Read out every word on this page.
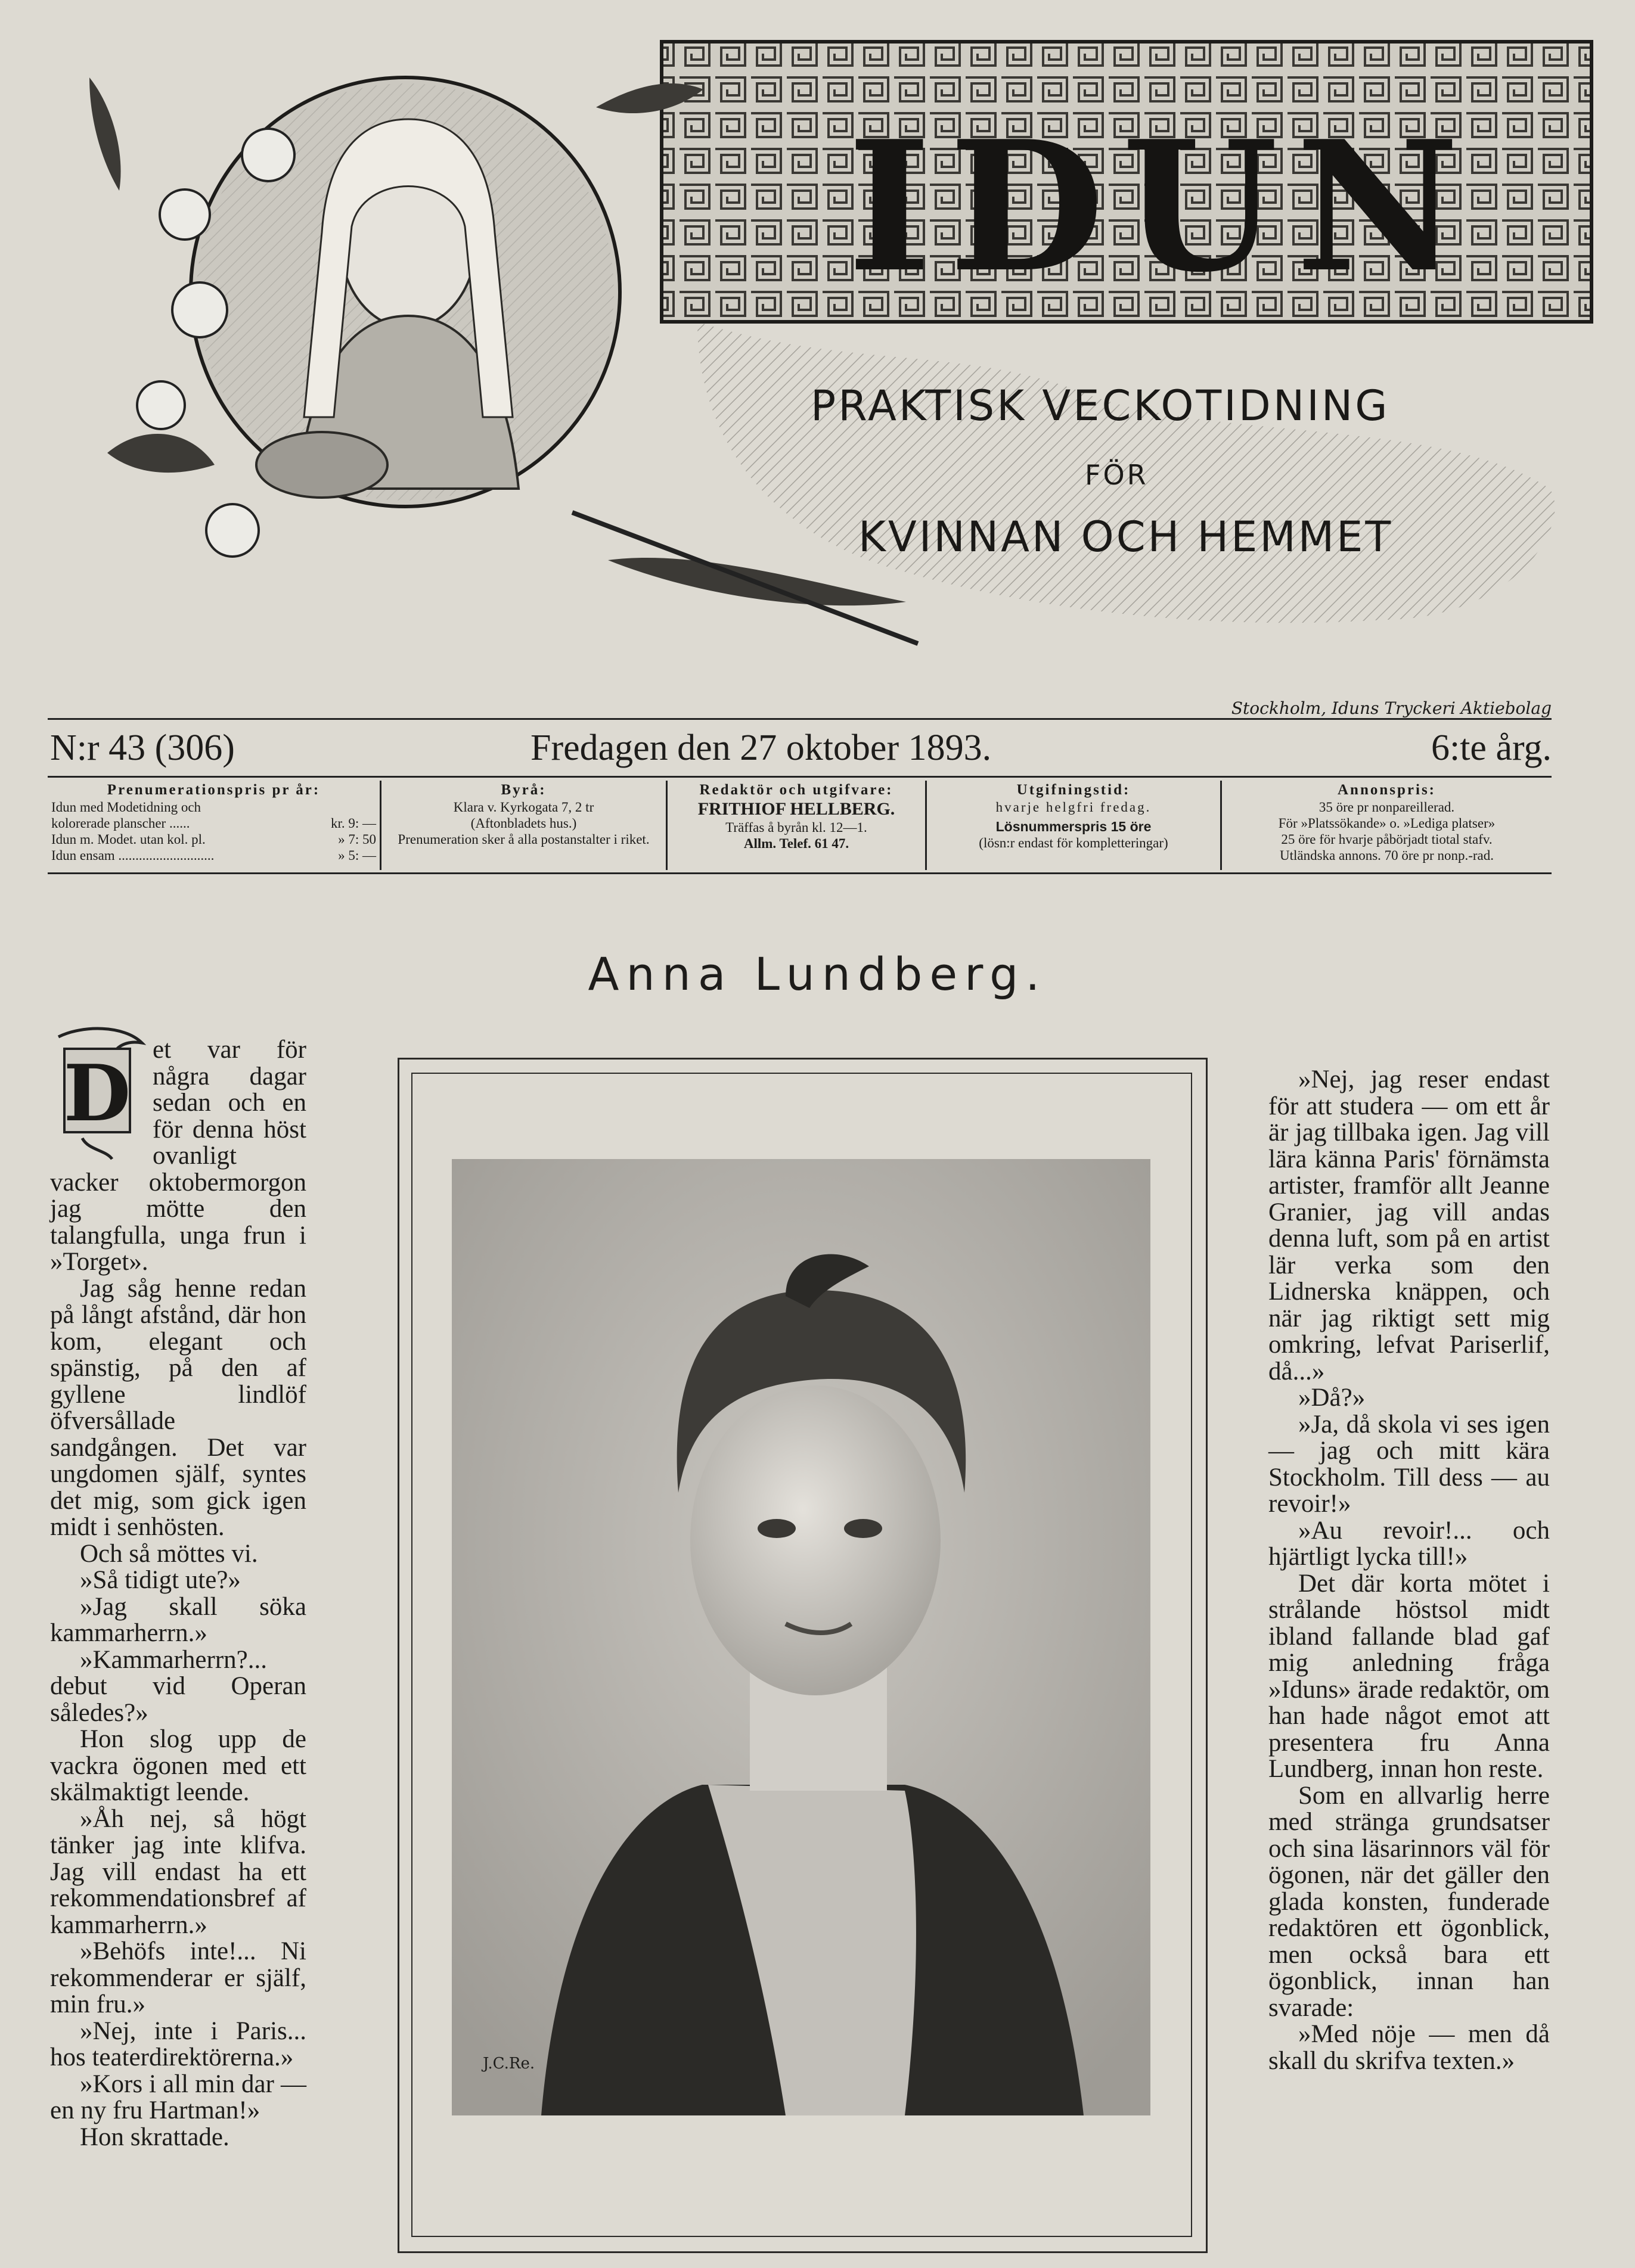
IDUN
PRAKTISK VECKOTIDNING
FÖR
KVINNAN OCH HEMMET
Stockholm, Iduns Tryckeri Aktiebolag
N:r 43 (306)	Fredagen den 27 oktober 1893.	6:te årg.
Prenumerationspris pr år:
Idun med Modetidning och
kolorerade planscher ......	kr. 9: —
Idun m. Modet. utan kol. pl.	» 7: 50
Idun ensam ............................	» 5: —
Byrå:
Klara v. Kyrkogata 7, 2 tr
(Aftonbladets hus.)
Prenumeration sker å alla postanstalter i riket.
Redaktör och utgifvare:
FRITHIOF HELLBERG.
Träffas å byrån kl. 12—1.
Allm. Telef. 61 47.
Utgifningstid:
hvarje helgfri fredag.
Lösnummerspris 15 öre
(lösn:r endast för kompletteringar)
Annonspris:
35 öre pr nonpareillerad.
För »Platssökande» o. »Lediga platser»
25 öre för hvarje påbörjadt tiotal stafv.
Utländska annons. 70 öre pr nonp.-rad.
Anna Lundberg.
D et var för några dagar sedan och en för denna höst ovanligt vacker oktobermorgon jag mötte den talangfulla, unga frun i »Torget».

Jag såg henne redan på långt afstånd, där hon kom, elegant och spänstig, på den af gyllene lindlöf öfversållade sandgången. Det var ungdomen själf, syntes det mig, som gick igen midt i senhösten.

Och så möttes vi.

»Så tidigt ute?»

»Jag skall söka kammarherrn.»

»Kammarherrn?... debut vid Operan således?»

Hon slog upp de vackra ögonen med ett skälmaktigt leende.

»Åh nej, så högt tänker jag inte klifva. Jag vill endast ha ett rekommendationsbref af kammarherrn.»

»Behöfs inte!... Ni rekommenderar er själf, min fru.»

»Nej, inte i Paris... hos teaterdirektörerna.»

»Kors i all min dar — en ny fru Hartman!»

Hon skrattade.

J.C.Re.

»Nej, jag reser endast för att studera — om ett år är jag tillbaka igen. Jag vill lära känna Paris' förnämsta artister, framför allt Jeanne Granier, jag vill andas denna luft, som på en artist lär verka som den Lidnerska knäppen, och när jag riktigt sett mig omkring, lefvat Pariserlif, då...»

»Då?»

»Ja, då skola vi ses igen — jag och mitt kära Stockholm. Till dess — au revoir!»

»Au revoir!... och hjärtligt lycka till!»

Det där korta mötet i strålande höstsol midt ibland fallande blad gaf mig anledning fråga »Iduns» ärade redaktör, om han hade något emot att presentera fru Anna Lundberg, innan hon reste.

Som en allvarlig herre med stränga grundsatser och sina läsarinnors väl för ögonen, när det gäller den glada konsten, funderade redaktören ett ögonblick, men också bara ett ögonblick, innan han svarade:

»Med nöje — men då skall du skrifva texten.»
